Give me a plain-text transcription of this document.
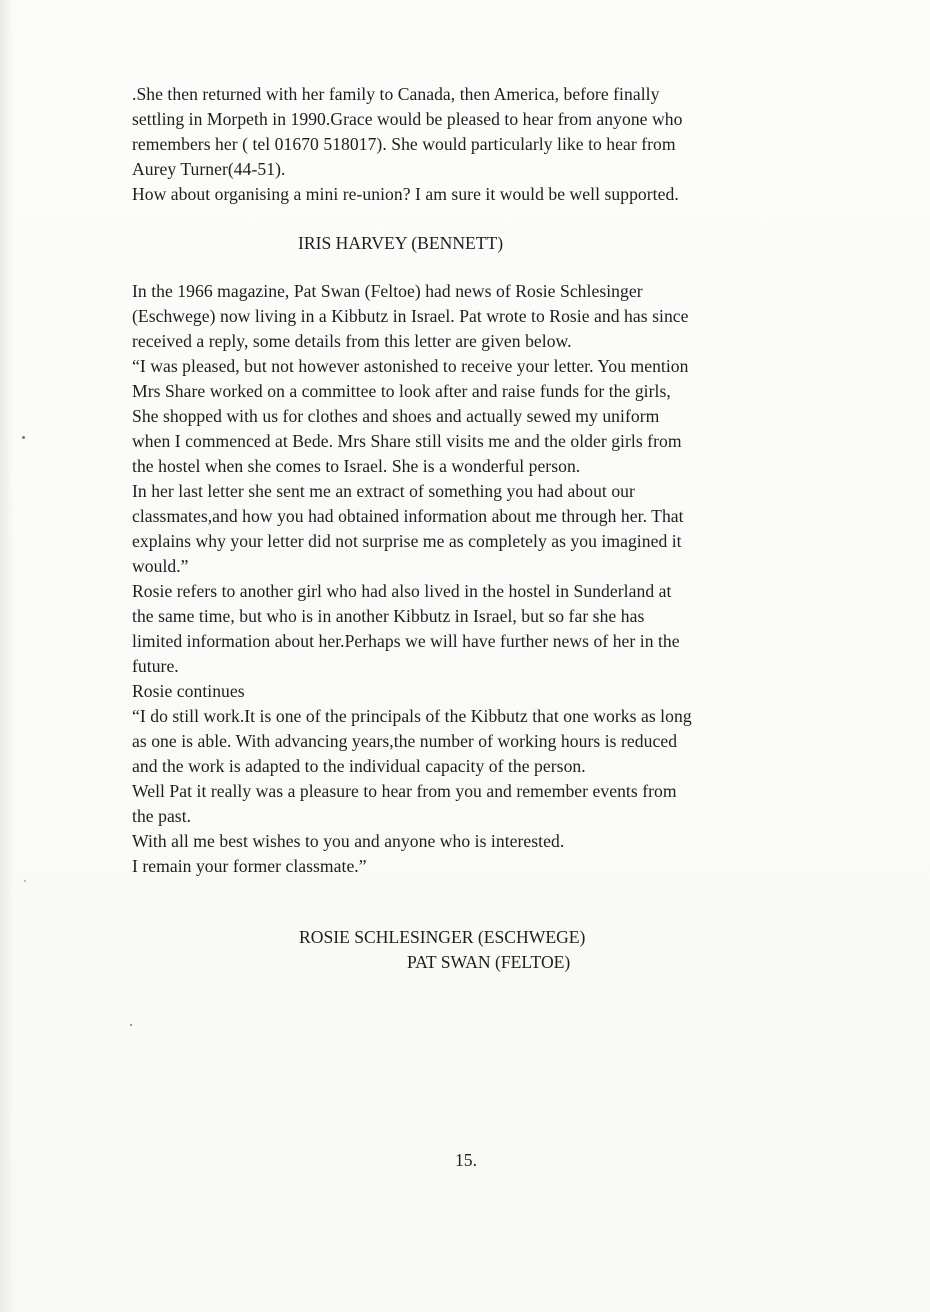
.She then returned with her family to Canada, then America, before finally

settling in Morpeth in 1990.Grace would be pleased to hear from anyone who

remembers her ( tel 01670 518017). She would particularly like to hear from

Aurey Turner(44-51).

How about organising a mini re-union? I am sure it would be well supported.

IRIS HARVEY (BENNETT)

In the 1966 magazine, Pat Swan (Feltoe) had news of Rosie Schlesinger

(Eschwege) now living in a Kibbutz in Israel. Pat wrote to Rosie and has since

received a reply, some details from this letter are given below.

“I was pleased, but not however astonished to receive your letter. You mention

Mrs Share worked on a committee to look after and raise funds for the girls,

She shopped with us for clothes and shoes and actually sewed my uniform

when I commenced at Bede. Mrs Share still visits me and the older girls from

the hostel when she comes to Israel. She is a wonderful person.

In her last letter she sent me an extract of something you had about our

classmates,and how you had obtained information about me through her. That

explains why your letter did not surprise me as completely as you imagined it

would.”

Rosie refers to another girl who had also lived in the hostel in Sunderland at

the same time, but who is in another Kibbutz in Israel, but so far she has

limited information about her.Perhaps we will have further news of her in the

future.

Rosie continues

“I do still work.It is one of the principals of the Kibbutz that one works as long

as one is able. With advancing years,the number of working hours is reduced

and the work is adapted to the individual capacity of the person.

Well Pat it really was a pleasure to hear from you and remember events from

the past.

With all me best wishes to you and anyone who is interested.

I remain your former classmate.”

ROSIE SCHLESINGER (ESCHWEGE)
PAT SWAN (FELTOE)
15.
